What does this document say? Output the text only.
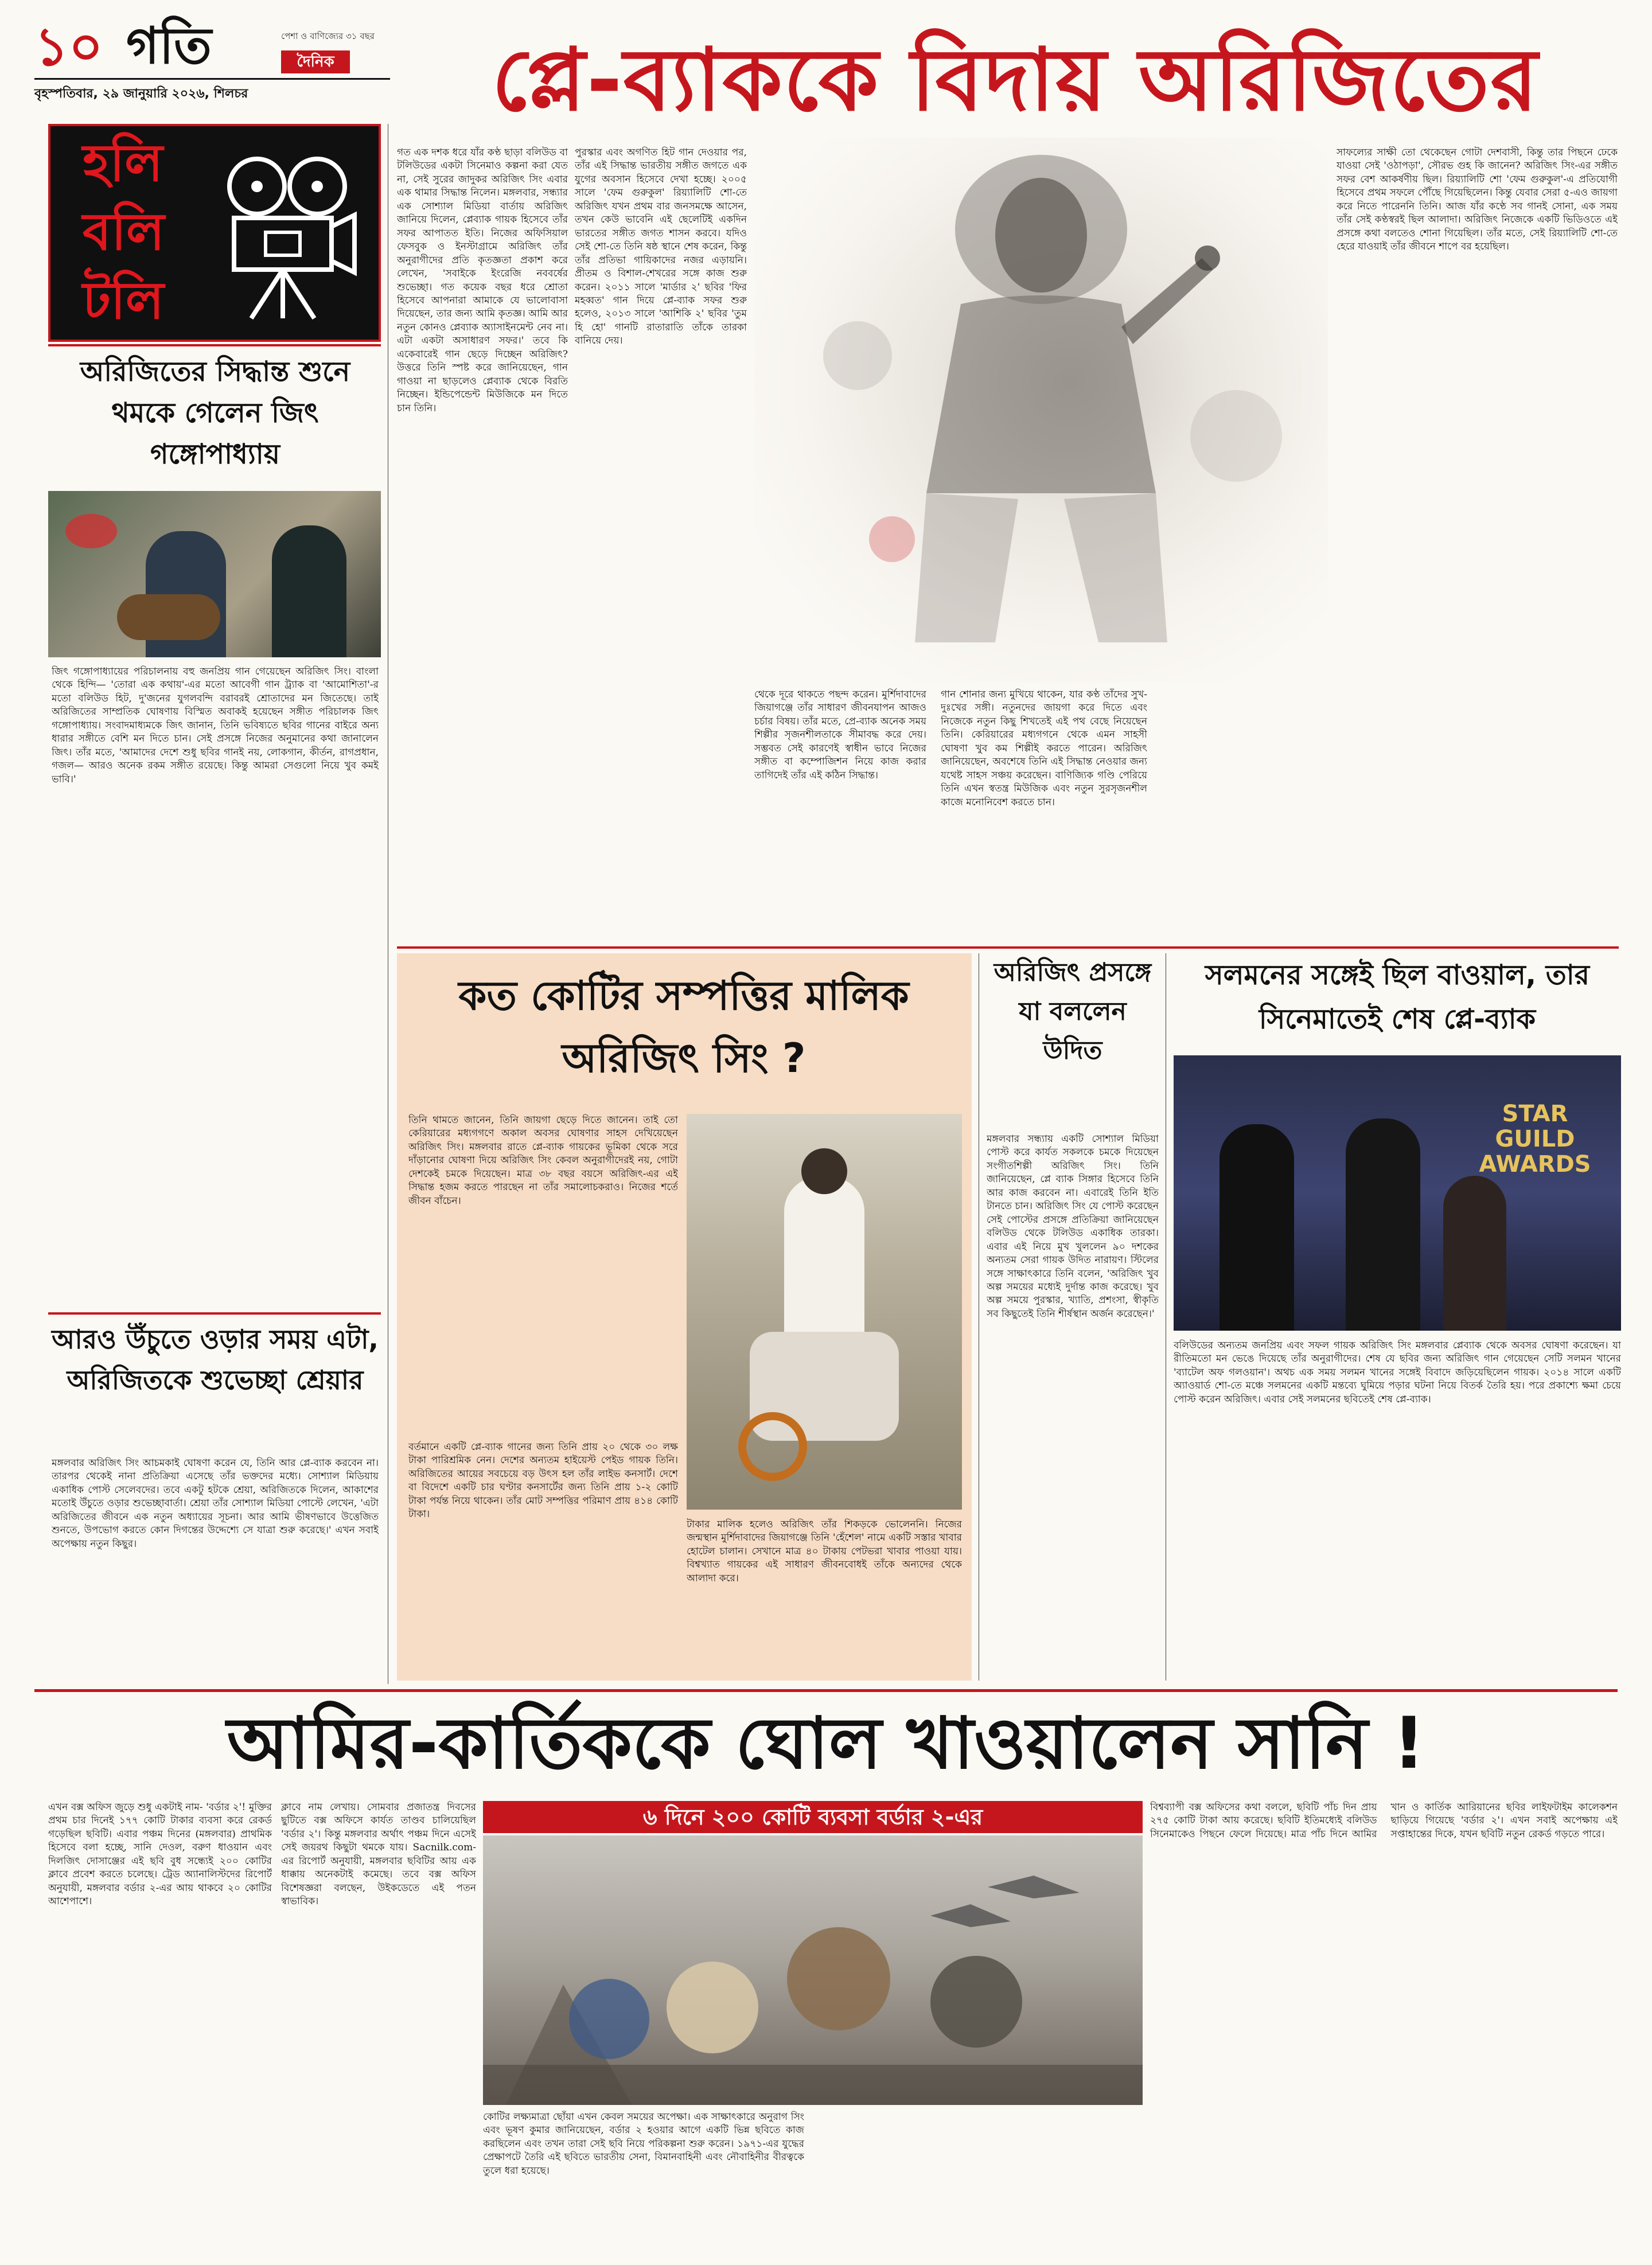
১০ গতি	পেশা ও বাণিজ্যের ৩১ বছর
দৈনিক
বৃহস্পতিবার, ২৯ জানুয়ারি ২০২৬, শিলচর	প্লে-ব্যাককে বিদায় অরিজিতের
হলি
বলি
টলি
অরিজিতের সিদ্ধান্ত শুনে থমকে গেলেন জিৎ গঙ্গোপাধ্যায়
জিৎ গঙ্গোপাধ্যায়ের পরিচালনায় বহু জনপ্রিয় গান গেয়েছেন অরিজিৎ সিং। বাংলা থেকে হিন্দি— 'তোরা এক কথায়'-এর মতো আবেগী গান ট্র্যাক বা 'আমোশিতা'-র মতো বলিউড হিট, দু'জনের যুগলবন্দি বরাবরই শ্রোতাদের মন জিতেছে। তাই অরিজিতের সাম্প্রতিক ঘোষণায় বিস্মিত অবাকই হয়েছেন সঙ্গীত পরিচালক জিৎ গঙ্গোপাধ্যায়। সংবাদমাধ্যমকে জিৎ জানান, তিনি ভবিষ্যতে ছবির গানের বাইরে অন্য ধারার সঙ্গীতে বেশি মন দিতে চান। সেই প্রসঙ্গে নিজের অনুমানের কথা জানালেন জিৎ। তাঁর মতে, 'আমাদের দেশে শুধু ছবির গানই নয়, লোকগান, কীর্তন, রাগপ্রধান, গজল— আরও অনেক রকম সঙ্গীত রয়েছে। কিন্তু আমরা সেগুলো নিয়ে খুব কমই ভাবি।'
আরও উঁচুতে ওড়ার সময় এটা, অরিজিতকে শুভেচ্ছা শ্রেয়ার
মঙ্গলবার অরিজিৎ সিং আচমকাই ঘোষণা করেন যে, তিনি আর প্লে-ব্যাক করবেন না। তারপর থেকেই নানা প্রতিক্রিয়া এসেছে তাঁর ভক্তদের মধ্যে। সোশ্যাল মিডিয়ায় একাধিক পোস্ট সেলেবদের। তবে একটু হটকে শ্রেয়া, অরিজিতকে দিলেন, আকাশের মতোই উঁচুতে ওড়ার শুভেচ্ছাবার্তা। শ্রেয়া তাঁর সোশ্যাল মিডিয়া পোস্টে লেখেন, 'এটা অরিজিতের জীবনে এক নতুন অধ্যায়ের সূচনা। আর আমি ভীষণভাবে উত্তেজিত শুনতে, উপভোগ করতে কোন দিগন্তের উদ্দেশ্যে সে যাত্রা শুরু করেছে।' এখন সবাই অপেক্ষায় নতুন কিছুর।
গত এক দশক ধরে যাঁর কণ্ঠ ছাড়া বলিউড বা টলিউডের একটা সিনেমাও কল্পনা করা যেত না, সেই সুরের জাদুকর অরিজিৎ সিং এবার এক থামার সিদ্ধান্ত নিলেন। মঙ্গলবার, সন্ধ্যার এক সোশ্যাল মিডিয়া বার্তায় অরিজিৎ জানিয়ে দিলেন, প্লেব্যাক গায়ক হিসেবে তাঁর সফর আপাতত ইতি। নিজের অফিসিয়াল ফেসবুক ও ইনস্টাগ্রামে অরিজিৎ তাঁর অনুরাগীদের প্রতি কৃতজ্ঞতা প্রকাশ করে লেখেন, 'সবাইকে ইংরেজি নববর্ষের শুভেচ্ছা। গত কয়েক বছর ধরে শ্রোতা হিসেবে আপনারা আমাকে যে ভালোবাসা দিয়েছেন, তার জন্য আমি কৃতজ্ঞ। আমি আর নতুন কোনও প্লেব্যাক অ্যাসাইনমেন্ট নেব না। এটা একটা অসাধারণ সফর।' তবে কি একেবারেই গান ছেড়ে দিচ্ছেন অরিজিৎ? উত্তরে তিনি স্পষ্ট করে জানিয়েছেন, গান গাওয়া না ছাড়লেও প্লেব্যাক থেকে বিরতি নিচ্ছেন। ইন্ডিপেন্ডেন্ট মিউজিকে মন দিতে চান তিনি।
পুরস্কার এবং অগণিত হিট গান দেওয়ার পর, তাঁর এই সিদ্ধান্ত ভারতীয় সঙ্গীত জগতে এক যুগের অবসান হিসেবে দেখা হচ্ছে। ২০০৫ সালে 'ফেম গুরুকুল' রিয়্যালিটি শো-তে অরিজিৎ যখন প্রথম বার জনসমক্ষে আসেন, তখন কেউ ভাবেনি এই ছেলেটিই একদিন ভারতের সঙ্গীত জগত শাসন করবে। যদিও সেই শো-তে তিনি ষষ্ঠ স্থানে শেষ করেন, কিন্তু তাঁর প্রতিভা গায়িকাদের নজর এড়ায়নি। প্রীতম ও বিশাল-শেখরের সঙ্গে কাজ শুরু করেন। ২০১১ সালে 'মার্ডার ২' ছবির 'ফির মহব্বত' গান দিয়ে প্লে-ব্যাক সফর শুরু হলেও, ২০১৩ সালে 'আশিকি ২' ছবির 'তুম হি হো' গানটি রাতারাতি তাঁকে তারকা বানিয়ে দেয়।
থেকে দূরে থাকতে পছন্দ করেন। মুর্শিদাবাদের জিয়াগঞ্জে তাঁর সাধারণ জীবনযাপন আজও চর্চার বিষয়। তাঁর মতে, প্রে-ব্যাক অনেক সময় শিল্পীর সৃজনশীলতাকে সীমাবদ্ধ করে দেয়। সম্ভবত সেই কারণেই স্বাধীন ভাবে নিজের সঙ্গীত বা কম্পোজিশন নিয়ে কাজ করার তাগিদেই তাঁর এই কঠিন সিদ্ধান্ত।
গান শোনার জন্য মুখিয়ে থাকেন, যার কণ্ঠ তাঁদের সুখ-দুঃখের সঙ্গী। নতুনদের জায়গা করে দিতে এবং নিজেকে নতুন কিছু শিখতেই এই পথ বেছে নিয়েছেন তিনি। কেরিয়ারের মধ্যগগনে থেকে এমন সাহসী ঘোষণা খুব কম শিল্পীই করতে পারেন। অরিজিৎ জানিয়েছেন, অবশেষে তিনি এই সিদ্ধান্ত নেওয়ার জন্য যথেষ্ট সাহস সঞ্চয় করেছেন। বাণিজ্যিক গণ্ডি পেরিয়ে তিনি এখন স্বতন্ত্র মিউজিক এবং নতুন সুরসৃজনশীল কাজে মনোনিবেশ করতে চান।
সাফল্যের সাক্ষী তো থেকেছেন গোটা দেশবাসী, কিন্তু তার পিছনে ঢেকে যাওয়া সেই 'ওঠাপড়া', সৌরভ গুহ কি জানেন? অরিজিৎ সিং-এর সঙ্গীত সফর বেশ আকর্ষণীয় ছিল। রিয়্যালিটি শো 'ফেম গুরুকুল'-এ প্রতিযোগী হিসেবে প্রথম সফলে পৌঁছে গিয়েছিলেন। কিন্তু যেবার সেরা ৫-এও জায়গা করে নিতে পারেননি তিনি। আজ যাঁর কণ্ঠে সব গানই সোনা, এক সময় তাঁর সেই কণ্ঠস্বরই ছিল আলাদা। অরিজিৎ নিজেকে একটি ভিডিওতে এই প্রসঙ্গে কথা বলতেও শোনা গিয়েছিল। তাঁর মতে, সেই রিয়্যালিটি শো-তে হেরে যাওয়াই তাঁর জীবনে শাপে বর হয়েছিল।
কত কোটির সম্পত্তির মালিক অরিজিৎ সিং ?
তিনি থামতে জানেন, তিনি জায়গা ছেড়ে দিতে জানেন। তাই তো কেরিয়ারের মধ্যগগণে অকাল অবসর ঘোষণার সাহস দেখিয়েছেন অরিজিৎ সিং। মঙ্গলবার রাতে প্লে-ব্যাক গায়কের ভূমিকা থেকে সরে দাঁড়ানোর ঘোষণা দিয়ে অরিজিৎ সিং কেবল অনুরাগীদেরই নয়, গোটা দেশকেই চমকে দিয়েছেন। মাত্র ৩৮ বছর বয়সে অরিজিৎ-এর এই সিদ্ধান্ত হজম করতে পারছেন না তাঁর সমালোচকরাও। নিজের শর্তে জীবন বাঁচেন।
বর্তমানে একটি প্লে-ব্যাক গানের জন্য তিনি প্রায় ২০ থেকে ৩০ লক্ষ টাকা পারিশ্রমিক নেন। দেশের অন্যতম হাইয়েস্ট পেইড গায়ক তিনি। অরিজিতের আয়ের সবচেয়ে বড় উৎস হল তাঁর লাইভ কনসার্ট। দেশে বা বিদেশে একটি চার ঘণ্টার কনসার্টের জন্য তিনি প্রায় ১-২ কোটি টাকা পর্যন্ত নিয়ে থাকেন। তাঁর মোট সম্পত্তির পরিমাণ প্রায় ৪১৪ কোটি টাকা।
টাকার মালিক হলেও অরিজিৎ তাঁর শিকড়কে ভোলেননি। নিজের জন্মস্থান মুর্শিদাবাদের জিয়াগঞ্জে তিনি 'হেঁশেল' নামে একটি সস্তার খাবার হোটেল চালান। সেখানে মাত্র ৪০ টাকায় পেটভরা খাবার পাওয়া যায়। বিশ্বখ্যাত গায়কের এই সাধারণ জীবনবোধই তাঁকে অন্যদের থেকে আলাদা করে।
অরিজিৎ প্রসঙ্গে যা বললেন উদিত
মঙ্গলবার সন্ধ্যায় একটি সোশ্যাল মিডিয়া পোস্ট করে কার্যত সকলকে চমকে দিয়েছেন সংগীতশিল্পী অরিজিৎ সিং। তিনি জানিয়েছেন, প্লে ব্যাক সিঙ্গার হিসেবে তিনি আর কাজ করবেন না। এবারেই তিনি ইতি টানতে চান। অরিজিৎ সিং যে পোস্ট করেছেন সেই পোস্টের প্রসঙ্গে প্রতিক্রিয়া জানিয়েছেন বলিউড থেকে টলিউড একাধিক তারকা। এবার এই নিয়ে মুখ খুললেন ৯০ দশকের অন্যতম সেরা গায়ক উদিত নারায়ণ। স্টিলের সঙ্গে সাক্ষাৎকারে তিনি বলেন, 'অরিজিৎ খুব অল্প সময়ের মধ্যেই দুর্দান্ত কাজ করেছে। খুব অল্প সময়ে পুরস্কার, খ্যাতি, প্রশংসা, স্বীকৃতি সব কিছুতেই তিনি শীর্ষস্থান অর্জন করেছেন।'
সলমনের সঙ্গেই ছিল বাওয়াল, তার সিনেমাতেই শেষ প্লে-ব্যাক
STAR GUILD AWARDS
বলিউডের অন্যতম জনপ্রিয় এবং সফল গায়ক অরিজিৎ সিং মঙ্গলবার প্লেব্যাক থেকে অবসর ঘোষণা করেছেন। যা রীতিমতো মন ভেঙে দিয়েছে তাঁর অনুরাগীদের। শেষ যে ছবির জন্য অরিজিৎ গান গেয়েছেন সেটি সলমন খানের 'ব্যাটেল অফ গলওয়ান'। অথচ এক সময় সলমন খানের সঙ্গেই বিবাদে জড়িয়েছিলেন গায়ক। ২০১৪ সালে একটি অ্যাওয়ার্ড শো-তে মঞ্চে সলমনের একটি মন্তব্যে ঘুমিয়ে পড়ার ঘটনা নিয়ে বিতর্ক তৈরি হয়। পরে প্রকাশ্যে ক্ষমা চেয়ে পোস্ট করেন অরিজিৎ। এবার সেই সলমনের ছবিতেই শেষ প্লে-ব্যাক।
আমির-কার্তিককে ঘোল খাওয়ালেন সানি !
এখন বক্স অফিস জুড়ে শুধু একটাই নাম- 'বর্ডার ২'! মুক্তির প্রথম চার দিনেই ১৭৭ কোটি টাকার ব্যবসা করে রেকর্ড গড়েছিল ছবিটি। এবার পঞ্চম দিনের (মঙ্গলবার) প্রাথমিক হিসেবে বলা হচ্ছে, সানি দেওল, বরুণ ধাওয়ান এবং দিলজিৎ দোসাঞ্জের এই ছবি বুধ সন্ধ্যেই ২০০ কোটির ক্লাবে প্রবেশ করতে চলেছে। ট্রেড অ্যানালিস্টদের রিপোর্ট অনুযায়ী, মঙ্গলবার বর্ডার ২-এর আয় থাকবে ২০ কোটির আশেপাশে।
ক্লাবে নাম লেখায়। সোমবার প্রজাতন্ত্র দিবসের ছুটিতে বক্স অফিসে কার্যত তাণ্ডব চালিয়েছিল 'বর্ডার ২'। কিন্তু মঙ্গলবার অর্থাৎ পঞ্চম দিনে এসেই সেই জয়রথ কিছুটা থমকে যায়। Sacnilk.com-এর রিপোর্ট অনুযায়ী, মঙ্গলবার ছবিটির আয় এক ধাক্কায় অনেকটাই কমেছে। তবে বক্স অফিস বিশেষজ্ঞরা বলছেন, উইকডেতে এই পতন স্বাভাবিক।
৬ দিনে ২০০ কোটি ব্যবসা বর্ডার ২-এর
কোটির লক্ষ্যমাত্রা ছোঁয়া এখন কেবল সময়ের অপেক্ষা। এক সাক্ষাৎকারে অনুরাগ সিং এবং ভূষণ কুমার জানিয়েছেন, বর্ডার ২ হওয়ার আগে একটি ভিন্ন ছবিতে কাজ করছিলেন এবং তখন তারা সেই ছবি নিয়ে পরিকল্পনা শুরু করেন। ১৯৭১-এর যুদ্ধের প্রেক্ষাপটে তৈরি এই ছবিতে ভারতীয় সেনা, বিমানবাহিনী এবং নৌবাহিনীর বীরত্বকে তুলে ধরা হয়েছে।
বিশ্বব্যাপী বক্স অফিসের কথা বললে, ছবিটি পাঁচ দিন প্রায় ২৭৫ কোটি টাকা আয় করেছে। ছবিটি ইতিমধ্যেই বলিউড সিনেমাকেও পিছনে ফেলে দিয়েছে। মাত্র পাঁচ দিনে আমির খান ও কার্তিক আরিয়ানের ছবির লাইফটাইম কালেকশন ছাড়িয়ে গিয়েছে 'বর্ডার ২'। এখন সবাই অপেক্ষায় এই সপ্তাহান্তের দিকে, যখন ছবিটি নতুন রেকর্ড গড়তে পারে।
